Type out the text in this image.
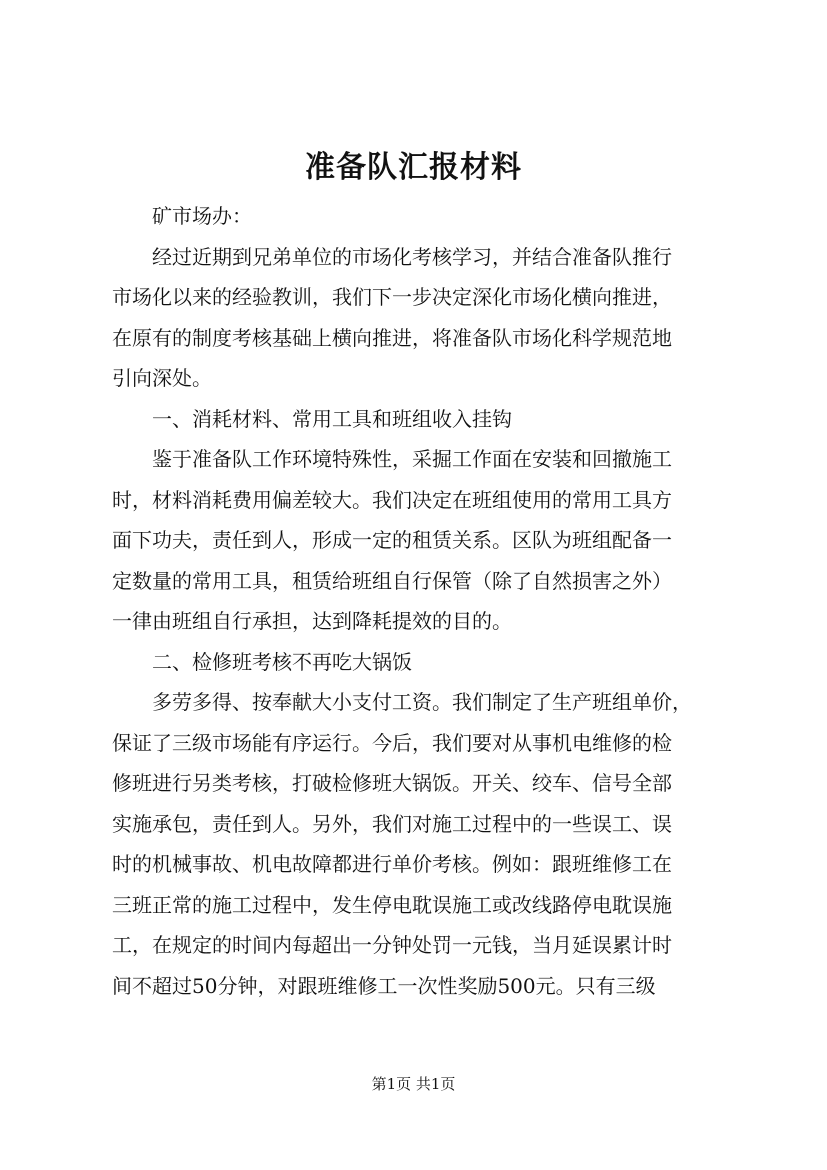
准备队汇报材料
矿市场办：
经过近期到兄弟单位的市场化考核学习，并结合准备队推行
市场化以来的经验教训，我们下一步决定深化市场化横向推进，
在原有的制度考核基础上横向推进，将准备队市场化科学规范地
引向深处。
一、消耗材料、常用工具和班组收入挂钩
鉴于准备队工作环境特殊性，采掘工作面在安装和回撤施工
时，材料消耗费用偏差较大。我们决定在班组使用的常用工具方
面下功夫，责任到人，形成一定的租赁关系。区队为班组配备一
定数量的常用工具，租赁给班组自行保管（除了自然损害之外）
一律由班组自行承担，达到降耗提效的目的。
二、检修班考核不再吃大锅饭
多劳多得、按奉献大小支付工资。我们制定了生产班组单价，
保证了三级市场能有序运行。今后，我们要对从事机电维修的检
修班进行另类考核，打破检修班大锅饭。开关、绞车、信号全部
实施承包，责任到人。另外，我们对施工过程中的一些误工、误
时的机械事故、机电故障都进行单价考核。例如：跟班维修工在
三班正常的施工过程中，发生停电耽误施工或改线路停电耽误施
工，在规定的时间内每超出一分钟处罚一元钱，当月延误累计时
间不超过50分钟，对跟班维修工一次性奖励500元。只有三级
第1页 共1页
